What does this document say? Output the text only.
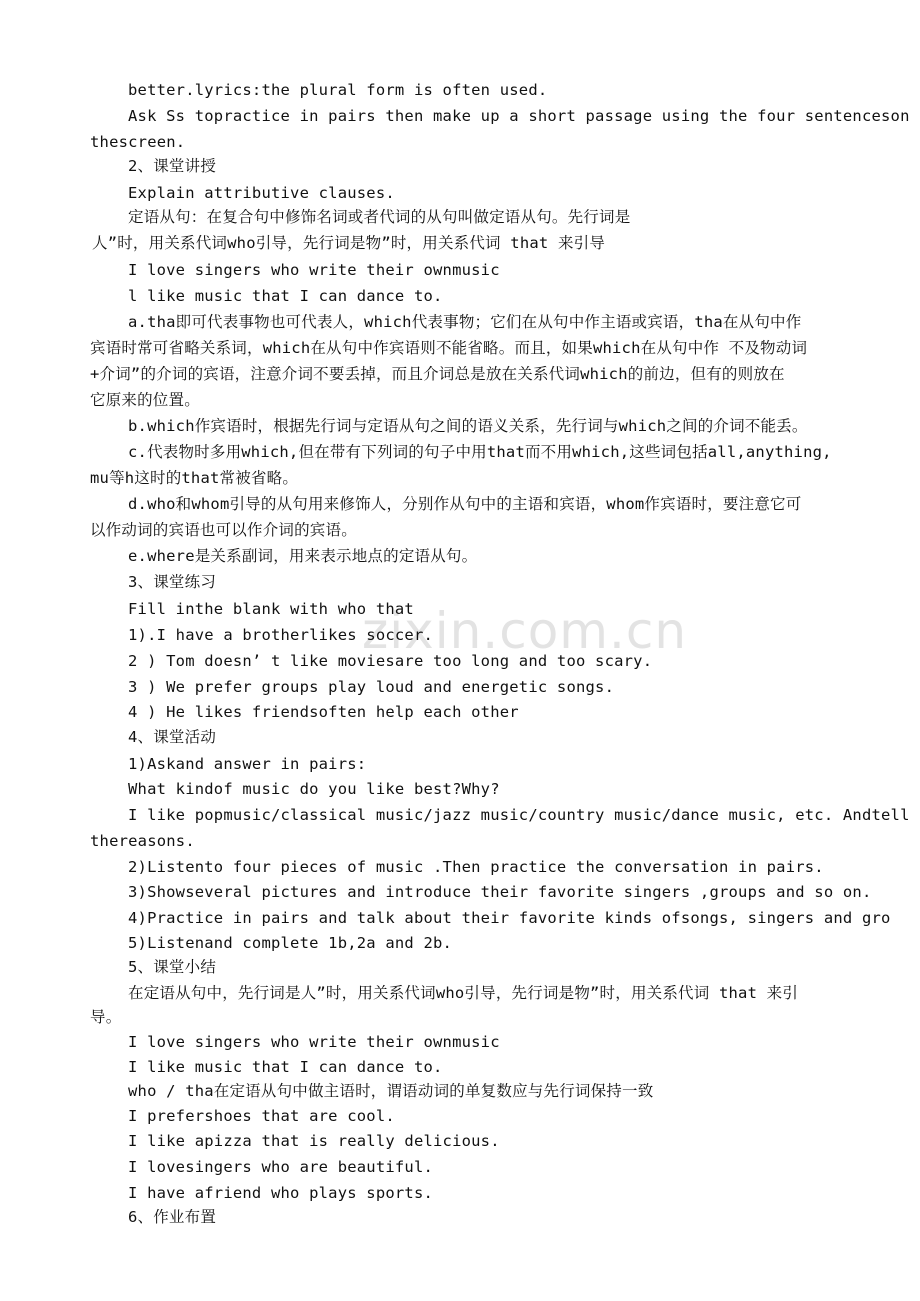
zixin.com.cn
better.lyrics:the plural form is often used.
Ask Ss topractice in pairs then make up a short passage using the four sentenceson
thescreen.
2、课堂讲授
Explain attributive clauses.
定语从句：在复合句中修饰名词或者代词的从句叫做定语从句。先行词是
人”时，用关系代词who引导，先行词是物”时，用关系代词 that 来引导
I love singers who write their ownmusic
l like music that I can dance to.
a.tha即可代表事物也可代表人，which代表事物；它们在从句中作主语或宾语，tha在从句中作
宾语时常可省略关系词，which在从句中作宾语则不能省略。而且，如果which在从句中作 不及物动词
+介词”的介词的宾语，注意介词不要丢掉，而且介词总是放在关系代词which的前边，但有的则放在
它原来的位置。
b.which作宾语时，根据先行词与定语从句之间的语义关系，先行词与which之间的介词不能丢。
c.代表物时多用which,但在带有下列词的句子中用that而不用which,这些词包括all,anything,
mu等h这时的that常被省略。
d.who和whom引导的从句用来修饰人，分别作从句中的主语和宾语，whom作宾语时，要注意它可
以作动词的宾语也可以作介词的宾语。
e.where是关系副词，用来表示地点的定语从句。
3、课堂练习
Fill inthe blank with who that
1).I have a brotherlikes soccer.
2 ) Tom doesn’ t like moviesare too long and too scary.
3 ) We prefer groups play loud and energetic songs.
4 ) He likes friendsoften help each other
4、课堂活动
1)Askand answer in pairs:
What kindof music do you like best?Why?
I like popmusic/classical music/jazz music/country music/dance music, etc. Andtell
thereasons.
2)Listento four pieces of music .Then practice the conversation in pairs.
3)Showseveral pictures and introduce their favorite singers ,groups and so on.
4)Practice in pairs and talk about their favorite kinds ofsongs, singers and gro
5)Listenand complete 1b,2a and 2b.
5、课堂小结
在定语从句中，先行词是人”时，用关系代词who引导，先行词是物”时，用关系代词 that 来引
导。
I love singers who write their ownmusic
I like music that I can dance to.
who / tha在定语从句中做主语时，谓语动词的单复数应与先行词保持一致
I prefershoes that are cool.
I like apizza that is really delicious.
I lovesingers who are beautiful.
I have afriend who plays sports.
6、作业布置
